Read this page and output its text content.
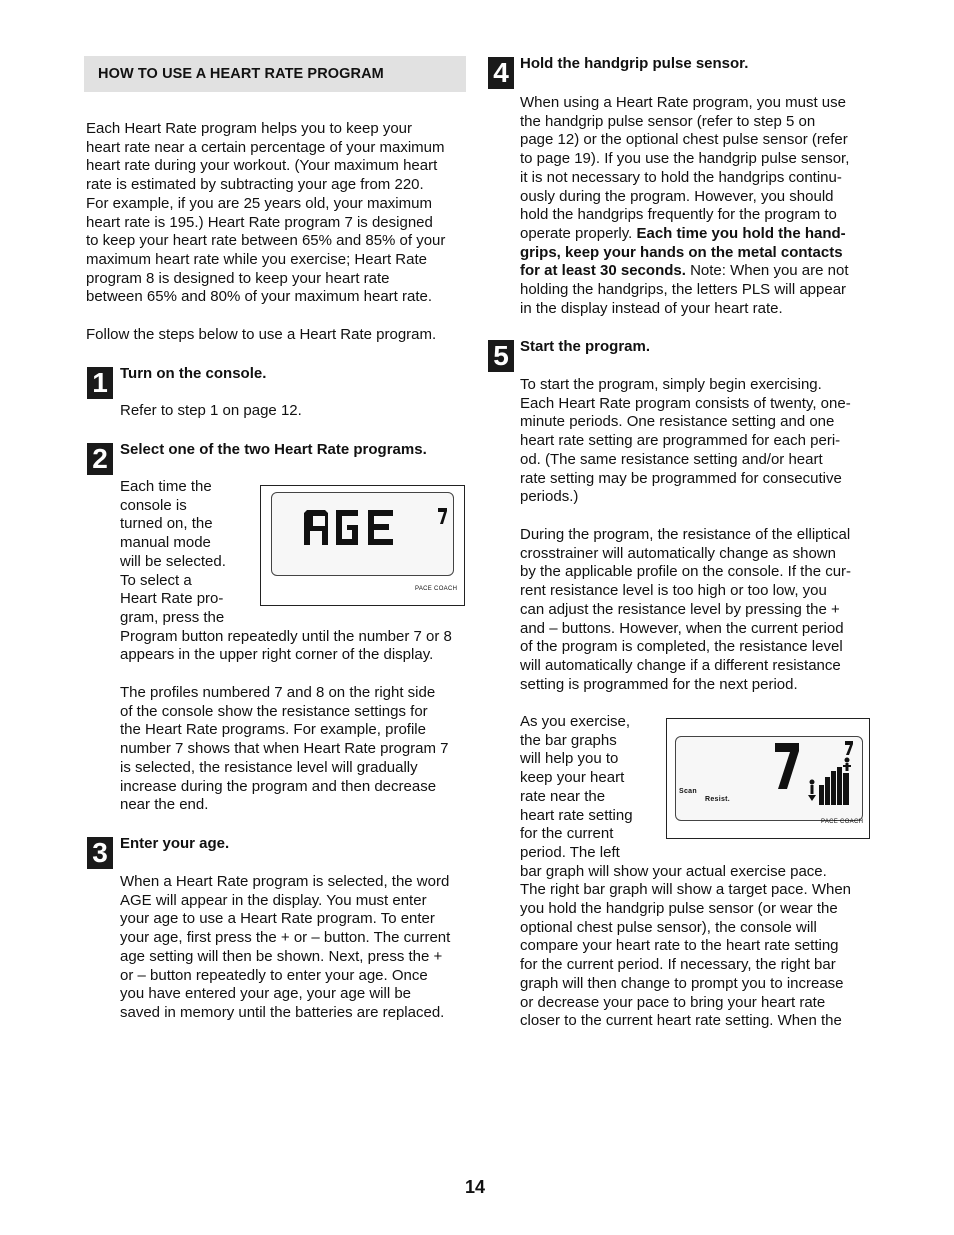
HOW TO USE A HEART RATE PROGRAM
Each Heart Rate program helps you to keep your
heart rate near a certain percentage of your maximum
heart rate during your workout. (Your maximum heart
rate is estimated by subtracting your age from 220.
For example, if you are 25 years old, your maximum
heart rate is 195.) Heart Rate program 7 is designed
to keep your heart rate between 65% and 85% of your
maximum heart rate while you exercise; Heart Rate
program 8 is designed to keep your heart rate
between 65% and 80% of your maximum heart rate.
Follow the steps below to use a Heart Rate program.
1 Turn on the console.
Refer to step 1 on page 12.
2 Select one of the two Heart Rate programs.
Each time the
console is
turned on, the
manual mode
will be selected.
To select a
Heart Rate pro-
gram, press the
Program button repeatedly until the number 7 or 8
appears in the upper right corner of the display.
PACE COACH
The profiles numbered 7 and 8 on the right side
of the console show the resistance settings for
the Heart Rate programs. For example, profile
number 7 shows that when Heart Rate program 7
is selected, the resistance level will gradually
increase during the program and then decrease
near the end.
3 Enter your age.
When a Heart Rate program is selected, the word
AGE will appear in the display. You must enter
your age to use a Heart Rate program. To enter
your age, first press the + or – button. The current
age setting will then be shown. Next, press the +
or – button repeatedly to enter your age. Once
you have entered your age, your age will be
saved in memory until the batteries are replaced.
4 Hold the handgrip pulse sensor.
When using a Heart Rate program, you must use
the handgrip pulse sensor (refer to step 5 on
page 12) or the optional chest pulse sensor (refer
to page 19). If you use the handgrip pulse sensor,
it is not necessary to hold the handgrips continu-
ously during the program. However, you should
hold the handgrips frequently for the program to
operate properly. Each time you hold the hand-
grips, keep your hands on the metal contacts
for at least 30 seconds. Note: When you are not
holding the handgrips, the letters PLS will appear
in the display instead of your heart rate.
5 Start the program.
To start the program, simply begin exercising.
Each Heart Rate program consists of twenty, one-
minute periods. One resistance setting and one
heart rate setting are programmed for each peri-
od. (The same resistance setting and/or heart
rate setting may be programmed for consecutive
periods.)
During the program, the resistance of the elliptical
crosstrainer will automatically change as shown
by the applicable profile on the console. If the cur-
rent resistance level is too high or too low, you
can adjust the resistance level by pressing the +
and – buttons. However, when the current period
of the program is completed, the resistance level
will automatically change if a different resistance
setting is programmed for the next period.
As you exercise,
the bar graphs
will help you to
keep your heart
rate near the
heart rate setting
for the current
period. The left
bar graph will show your actual exercise pace.
The right bar graph will show a target pace. When
you hold the handgrip pulse sensor (or wear the
optional chest pulse sensor), the console will
compare your heart rate to the heart rate setting
for the current period. If necessary, the right bar
graph will then change to prompt you to increase
or decrease your pace to bring your heart rate
closer to the current heart rate setting. When the
Scan
Resist.
PACE COACH
14
